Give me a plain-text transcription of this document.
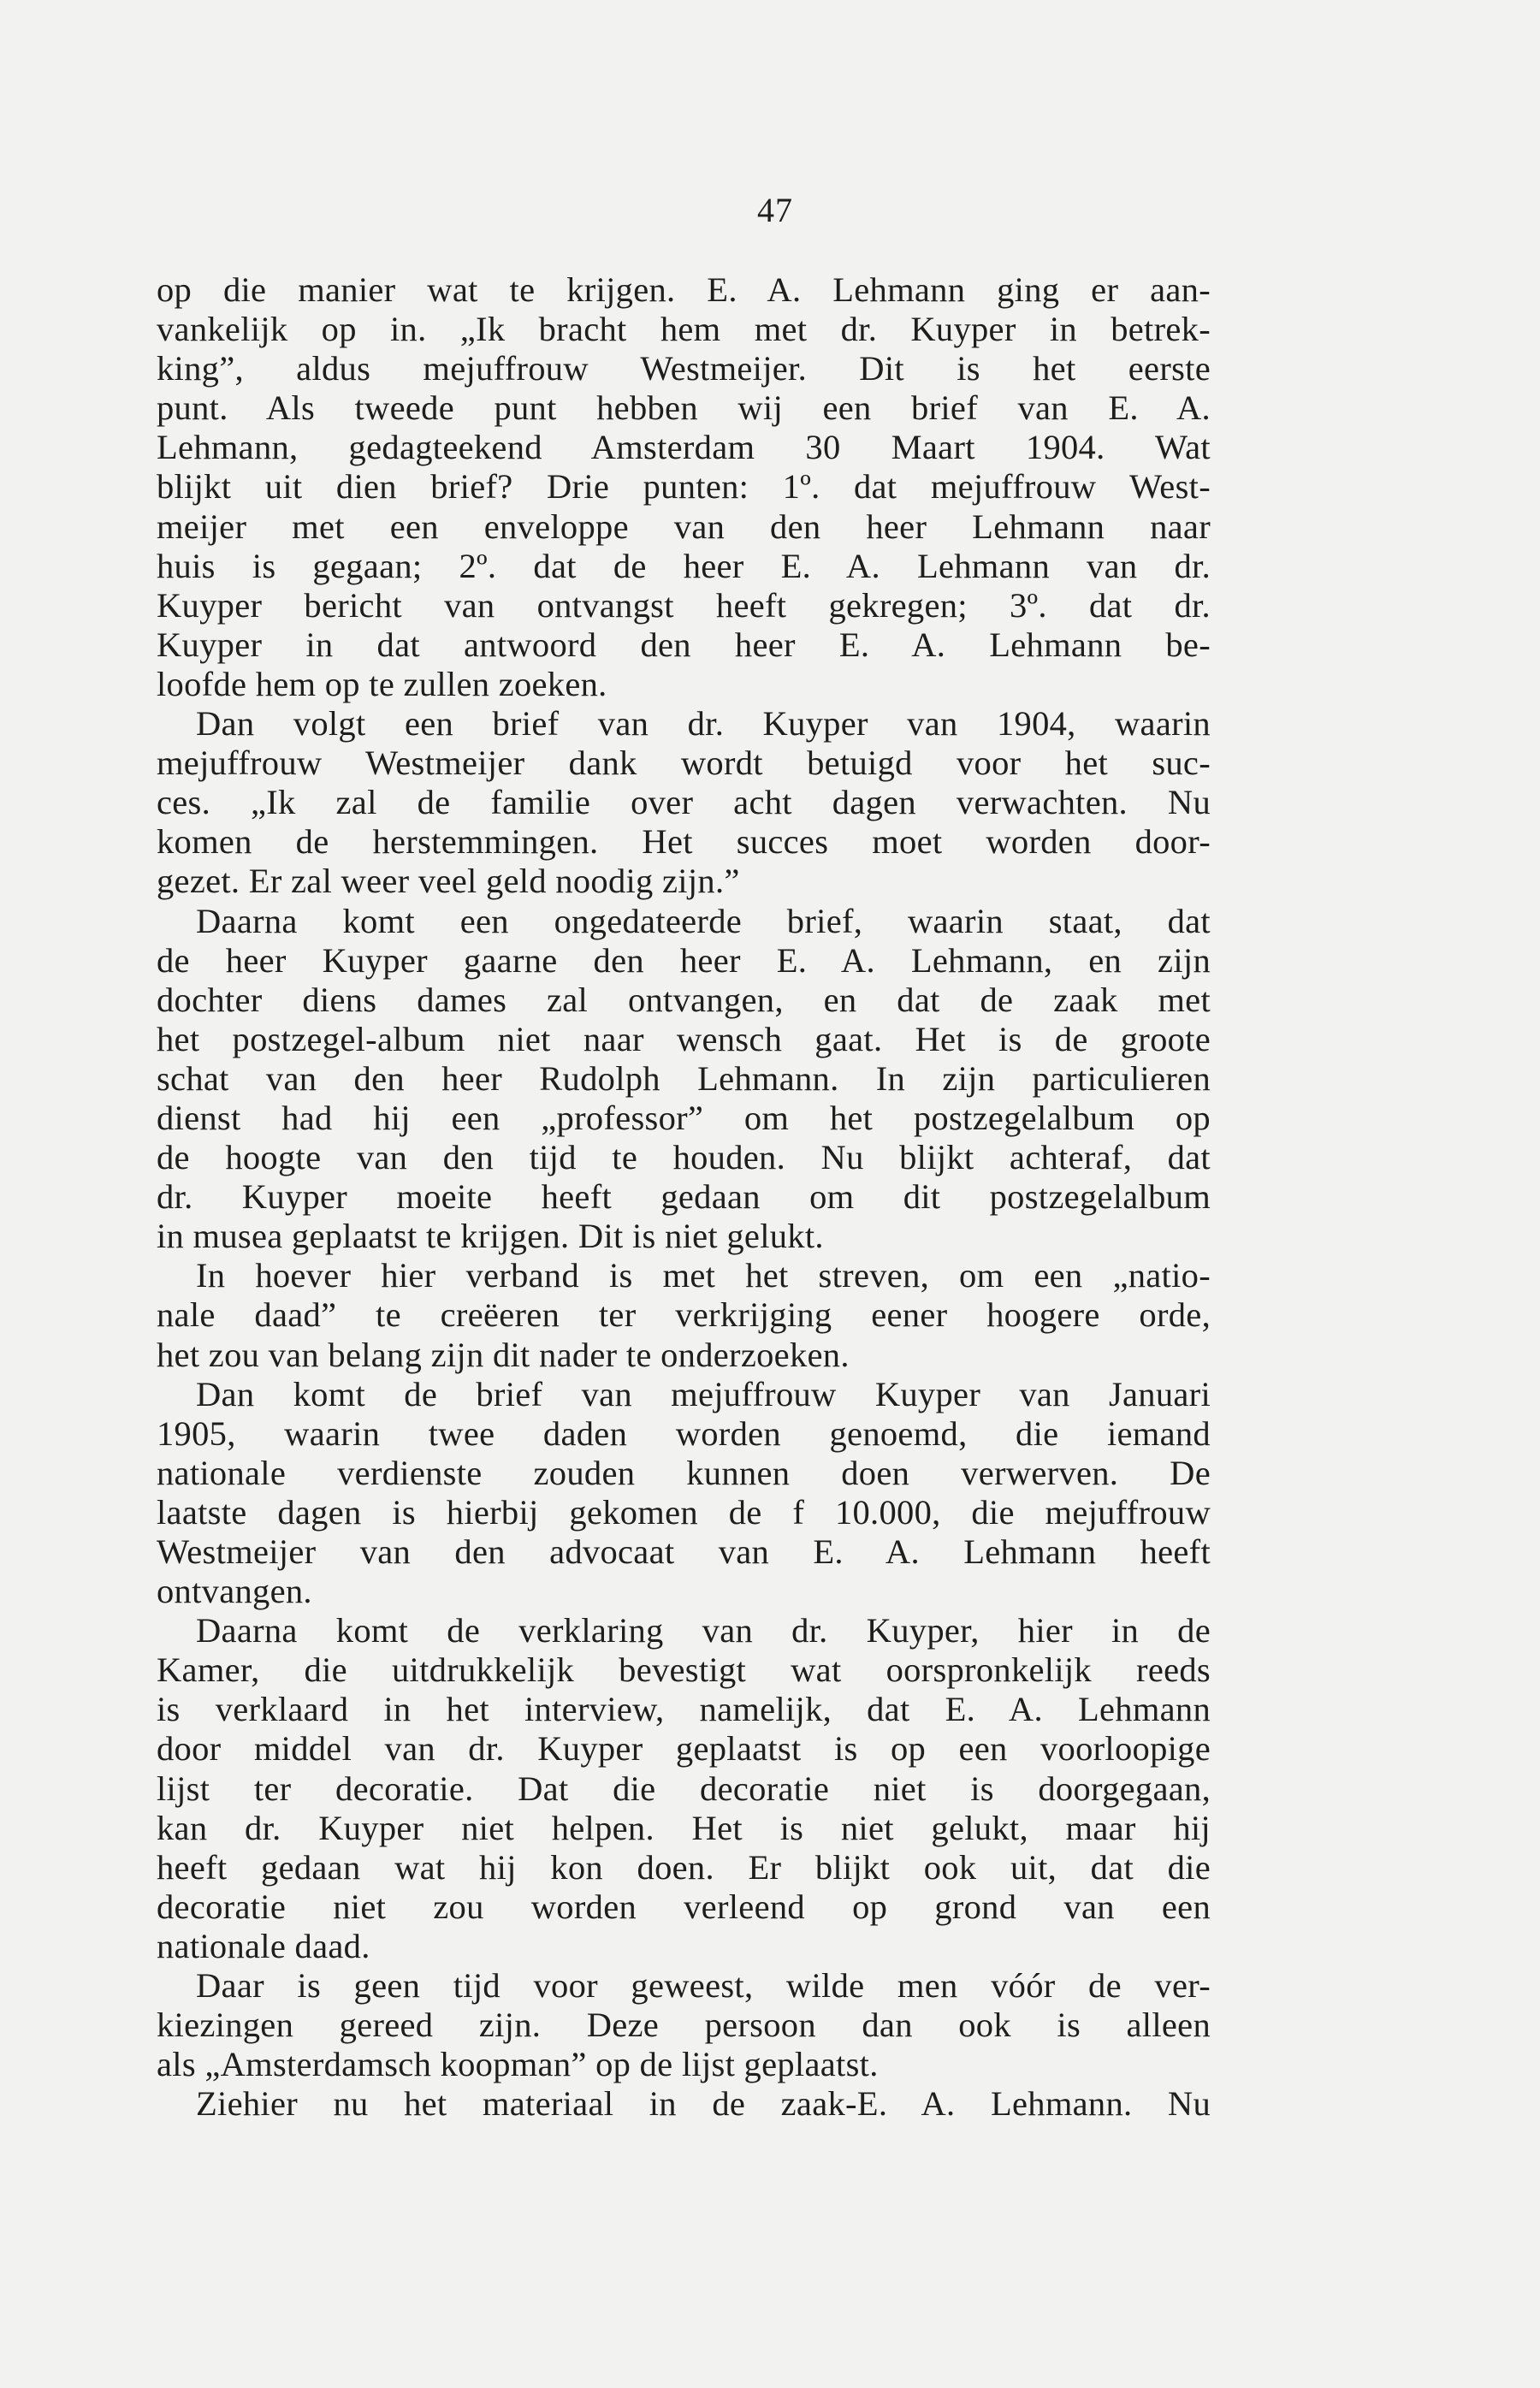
47
op die manier wat te krijgen. E. A. Lehmann ging er aan-
vankelijk op in. „Ik bracht hem met dr. Kuyper in betrek-
king”, aldus mejuffrouw Westmeijer. Dit is het eerste
punt. Als tweede punt hebben wij een brief van E. A.
Lehmann, gedagteekend Amsterdam 30 Maart 1904. Wat
blijkt uit dien brief? Drie punten: 1º. dat mejuffrouw West-
meijer met een enveloppe van den heer Lehmann naar
huis is gegaan; 2º. dat de heer E. A. Lehmann van dr.
Kuyper bericht van ontvangst heeft gekregen; 3º. dat dr.
Kuyper in dat antwoord den heer E. A. Lehmann be-
loofde hem op te zullen zoeken.
Dan volgt een brief van dr. Kuyper van 1904, waarin
mejuffrouw Westmeijer dank wordt betuigd voor het suc-
ces. „Ik zal de familie over acht dagen verwachten. Nu
komen de herstemmingen. Het succes moet worden door-
gezet. Er zal weer veel geld noodig zijn.”
Daarna komt een ongedateerde brief, waarin staat, dat
de heer Kuyper gaarne den heer E. A. Lehmann, en zijn
dochter diens dames zal ontvangen, en dat de zaak met
het postzegel-album niet naar wensch gaat. Het is de groote
schat van den heer Rudolph Lehmann. In zijn particulieren
dienst had hij een „professor” om het postzegelalbum op
de hoogte van den tijd te houden. Nu blijkt achteraf, dat
dr. Kuyper moeite heeft gedaan om dit postzegelalbum
in musea geplaatst te krijgen. Dit is niet gelukt.
In hoever hier verband is met het streven, om een „natio-
nale daad” te creëeren ter verkrijging eener hoogere orde,
het zou van belang zijn dit nader te onderzoeken.
Dan komt de brief van mejuffrouw Kuyper van Januari
1905, waarin twee daden worden genoemd, die iemand
nationale verdienste zouden kunnen doen verwerven. De
laatste dagen is hierbij gekomen de f 10.000, die mejuffrouw
Westmeijer van den advocaat van E. A. Lehmann heeft
ontvangen.
Daarna komt de verklaring van dr. Kuyper, hier in de
Kamer, die uitdrukkelijk bevestigt wat oorspronkelijk reeds
is verklaard in het interview, namelijk, dat E. A. Lehmann
door middel van dr. Kuyper geplaatst is op een voorloopige
lijst ter decoratie. Dat die decoratie niet is doorgegaan,
kan dr. Kuyper niet helpen. Het is niet gelukt, maar hij
heeft gedaan wat hij kon doen. Er blijkt ook uit, dat die
decoratie niet zou worden verleend op grond van een
nationale daad.
Daar is geen tijd voor geweest, wilde men vóór de ver-
kiezingen gereed zijn. Deze persoon dan ook is alleen
als „Amsterdamsch koopman” op de lijst geplaatst.
Ziehier nu het materiaal in de zaak-E. A. Lehmann. Nu
